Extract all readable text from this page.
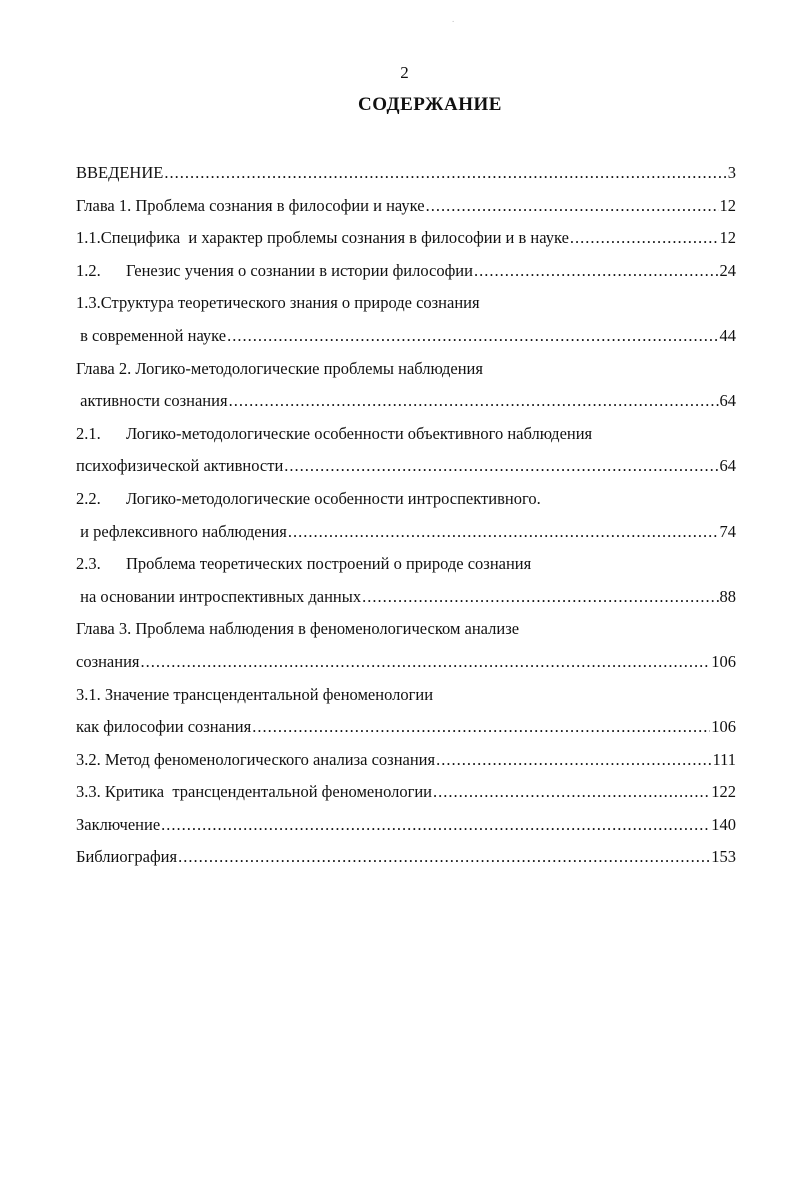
.
2
СОДЕРЖАНИЕ
ВВЕДЕНИЕ .....	3
Глава 1. Проблема сознания в философии и науке .....	12
1.1.Специфика  и характер проблемы сознания в философии и в науке .....	12
1.2. Генезис учения о сознании в истории философии .....	24
1.3.Структура теоретического знания о природе сознания
в современной науке .....	44
Глава 2. Логико-методологические проблемы наблюдения
активности сознания .....	64
2.1. Логико-методологические особенности объективного наблюдения
психофизической активности .....	64
2.2. Логико-методологические особенности интроспективного.
и рефлексивного наблюдения .....	74
2.3. Проблема теоретических построений о природе сознания
на основании интроспективных данных .....	88
Глава 3. Проблема наблюдения в феноменологическом анализе
сознания .....	106
3.1. Значение трансцендентальной феноменологии
как философии сознания .....	106
3.2. Метод феноменологического анализа сознания .....	111
3.3. Критика  трансцендентальной феноменологии .....	122
Заключение .....	140
Библиография .....	153
